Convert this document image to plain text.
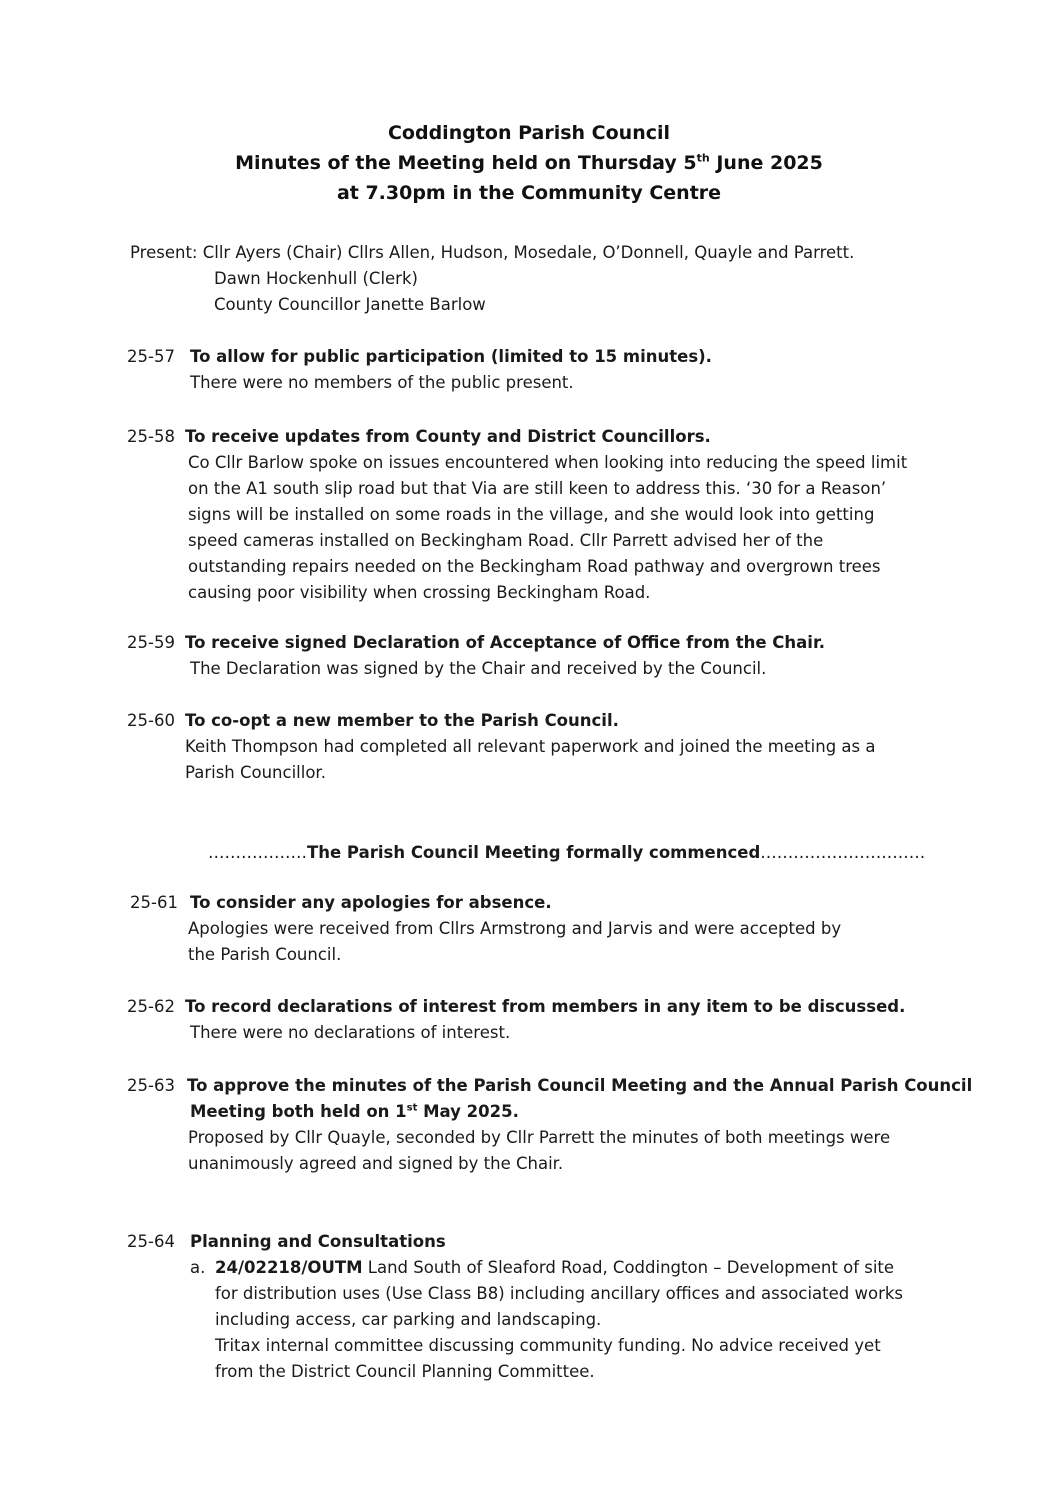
Coddington Parish Council
Minutes of the Meeting held on Thursday 5th June 2025
at 7.30pm in the Community Centre
Present: Cllr Ayers (Chair) Cllrs Allen, Hudson, Mosedale, O’Donnell, Quayle and Parrett.
Dawn Hockenhull (Clerk)
County Councillor Janette Barlow
25-57 To allow for public participation (limited to 15 minutes).
There were no members of the public present.
25-58 To receive updates from County and District Councillors.
Co Cllr Barlow spoke on issues encountered when looking into reducing the speed limit
on the A1 south slip road but that Via are still keen to address this. ‘30 for a Reason’
signs will be installed on some roads in the village, and she would look into getting
speed cameras installed on Beckingham Road. Cllr Parrett advised her of the
outstanding repairs needed on the Beckingham Road pathway and overgrown trees
causing poor visibility when crossing Beckingham Road.
25-59 To receive signed Declaration of Acceptance of Office from the Chair.
The Declaration was signed by the Chair and received by the Council.
25-60 To co-opt a new member to the Parish Council.
Keith Thompson had completed all relevant paperwork and joined the meeting as a
Parish Councillor.
………………The Parish Council Meeting formally commenced…………………………
25-61 To consider any apologies for absence.
Apologies were received from Cllrs Armstrong and Jarvis and were accepted by
the Parish Council.
25-62 To record declarations of interest from members in any item to be discussed.
There were no declarations of interest.
25-63 To approve the minutes of the Parish Council Meeting and the Annual Parish Council
Meeting both held on 1st May 2025.
Proposed by Cllr Quayle, seconded by Cllr Parrett the minutes of both meetings were
unanimously agreed and signed by the Chair.
25-64 Planning and Consultations
a. 24/02218/OUTM Land South of Sleaford Road, Coddington – Development of site
for distribution uses (Use Class B8) including ancillary offices and associated works
including access, car parking and landscaping.
Tritax internal committee discussing community funding. No advice received yet
from the District Council Planning Committee.
